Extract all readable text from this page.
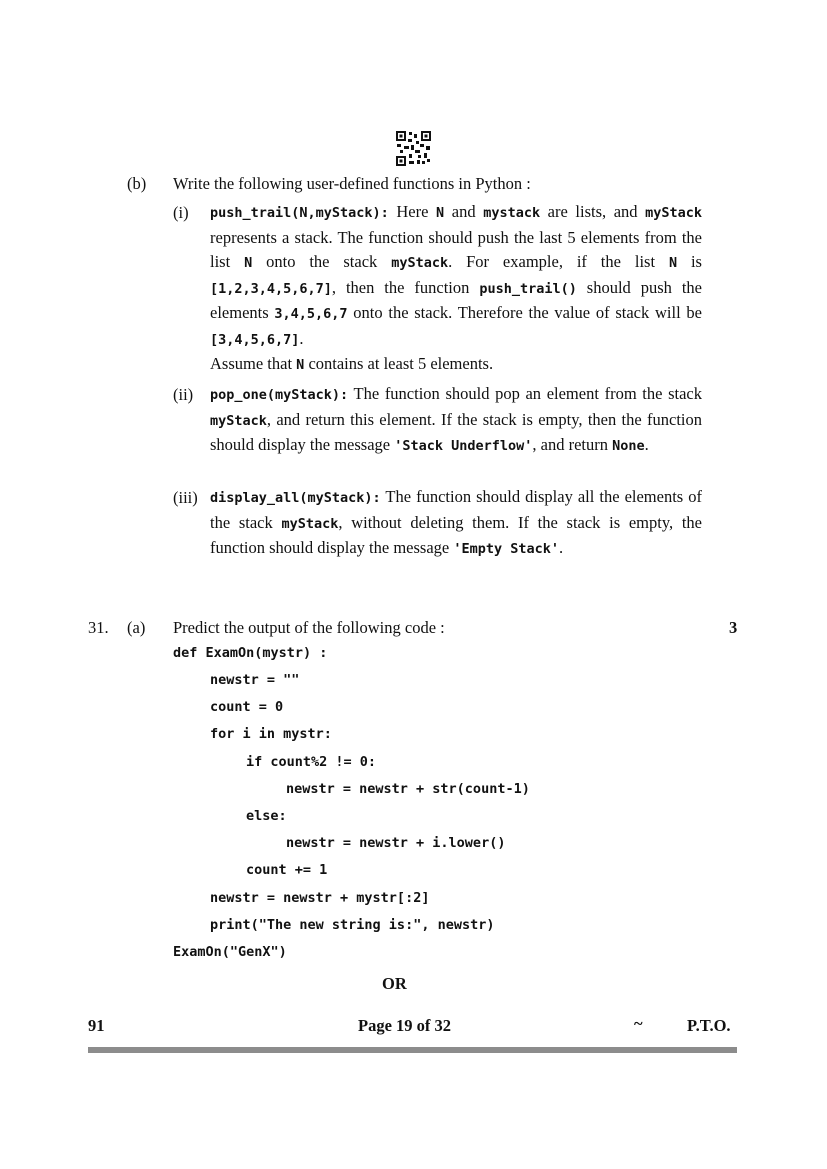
(b) Write the following user-defined functions in Python :
(i) push_trail(N,myStack): Here N and mystack are lists, and myStack represents a stack. The function should push the last 5 elements from the list N onto the stack myStack. For example, if the list N is [1,2,3,4,5,6,7], then the function push_trail() should push the elements 3,4,5,6,7 onto the stack. Therefore the value of stack will be [3,4,5,6,7].
Assume that N contains at least 5 elements.
(ii) pop_one(myStack): The function should pop an element from the stack myStack, and return this element. If the stack is empty, then the function should display the message 'Stack Underflow', and return None.
(iii) display_all(myStack): The function should display all the elements of the stack myStack, without deleting them. If the stack is empty, the function should display the message 'Empty Stack'.
31. (a) Predict the output of the following code :	3
def ExamOn(mystr) :
newstr = ""
count = 0
for i in mystr:
if count%2 != 0:
newstr = newstr + str(count-1)
else:
newstr = newstr + i.lower()
count += 1
newstr = newstr + mystr[:2]
print("The new string is:", newstr)
ExamOn("GenX")
OR
91	Page 19 of 32	~	P.T.O.
